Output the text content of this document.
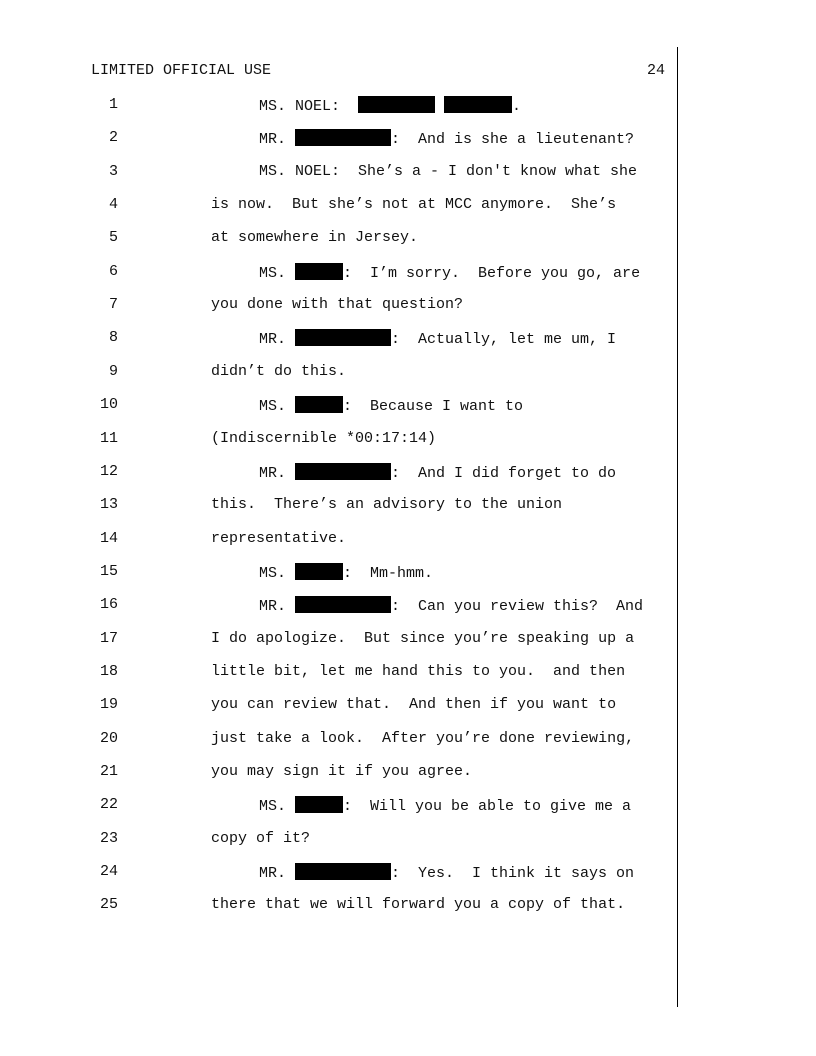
LIMITED OFFICIAL USE	24
1	MS. NOEL:	.
2	MR.	:  And is she a lieutenant?
3	MS. NOEL:  She’s a - I don't know what she
4	is now.  But she’s not at MCC anymore.  She’s
5	at somewhere in Jersey.
6	MS.	:  I’m sorry.  Before you go, are
7	you done with that question?
8	MR.	:  Actually, let me um, I
9	didn’t do this.
10	MS.	:  Because I want to
11	(Indiscernible *00:17:14)
12	MR.	:  And I did forget to do
13	this.  There’s an advisory to the union
14	representative.
15	MS.	:  Mm-hmm.
16	MR.	:  Can you review this?  And
17	I do apologize.  But since you’re speaking up a
18	little bit, let me hand this to you.  and then
19	you can review that.  And then if you want to
20	just take a look.  After you’re done reviewing,
21	you may sign it if you agree.
22	MS.	:  Will you be able to give me a
23	copy of it?
24	MR.	:  Yes.  I think it says on
25	there that we will forward you a copy of that.
